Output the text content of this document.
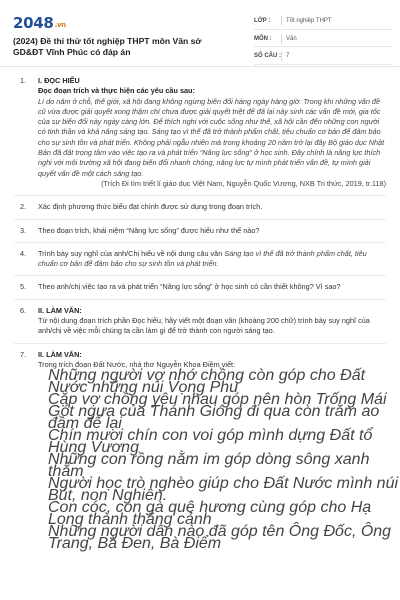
2048.vn
(2024) Đề thi thử tốt nghiệp THPT môn Văn sở GD&ĐT Vĩnh Phúc có đáp án
LỚP :	Tốt nghiệp THPT
MÔN :	Văn
SỐ CÂU : 7
1. I. ĐỌC HIỂU
Đọc đoạn trích và thực hiện các yêu cầu sau:
Lí do năm ở chỗ, thế giới, xã hội đang không ngừng biến đổi hàng ngày hàng giờ. Trong khi những vấn đề cũ vừa được giải quyết xong thậm chí chưa được giải quyết triệt để đã lại nảy sinh các vấn đề mới, gia tốc của sự biến đổi này ngày càng lớn. Để thích nghi với cuộc sống như thế, xã hội cần đến những con người có tinh thần và khả năng sáng tạo. Sáng tạo vì thế đã trở thành phẩm chất, tiêu chuẩn cơ bản để đảm bảo cho sự sinh tồn và phát triển. Không phải ngẫu nhiên mà trong khoảng 20 năm trở lại đây Bộ giáo dục Nhật Bản đã đặt trọng tâm vào việc tạo ra và phát triển “Năng lực sống” ở học sinh. Đây chính là năng lực thích nghi với môi trường xã hội đang biến đổi nhanh chóng, năng lực tự mình phát triển vấn đề, tự mình giải quyết vấn đề một cách sáng tạo.
(Trích Đi tìm triết lí giáo dục Việt Nam, Nguyễn Quốc Vương, NXB Tri thức, 2019, tr.118)
2. Xác định phương thức biểu đạt chính được sử dụng trong đoạn trích.
3. Theo đoạn trích, khái niệm “Năng lực sống” được hiểu như thế nào?
4. Trình bày suy nghĩ của anh/Chị hiểu về nội dung câu văn Sáng tạo vì thế đã trở thành phẩm chất, tiêu chuẩn cơ bản để đảm bảo cho sự sinh tồn và phát triển.
5. Theo anh/chị việc tạo ra và phát triển “Năng lực sống” ở học sinh có cần thiết không? Vì sao?
6. II. LÀM VĂN:
Từ nội dung đoạn trích phần Đọc hiểu, hãy viết một đoạn văn (khoảng 200 chữ) trình bày suy nghĩ của anh/chị về việc mỗi chúng ta cần làm gì để trở thành con người sáng tạo.
7. II. LÀM VĂN:
Trong trích đoạn Đất Nước, nhà thơ Nguyễn Khoa Điềm viết:
Những người vợ nhớ chồng còn góp cho Đất Nước những núi Vọng Phu
Cặp vợ chồng yêu nhau góp nên hòn Trống Mái
Gót ngựa của Thánh Gióng đi qua còn trăm ao đầm để lại
Chín mươi chín con voi góp mình dựng Đất tổ Hùng Vương
Những con rồng nằm im góp dòng sông xanh thẳm
Người học trò nghèo giúp cho Đất Nước mình núi Bút, non Nghiên.
Con cóc, con gà quê hương cùng góp cho Hạ Long thành thắng cảnh
Những người dân nào đã góp tên Ông Đốc, Ông Trang, Bà Đen, Bà Điểm
